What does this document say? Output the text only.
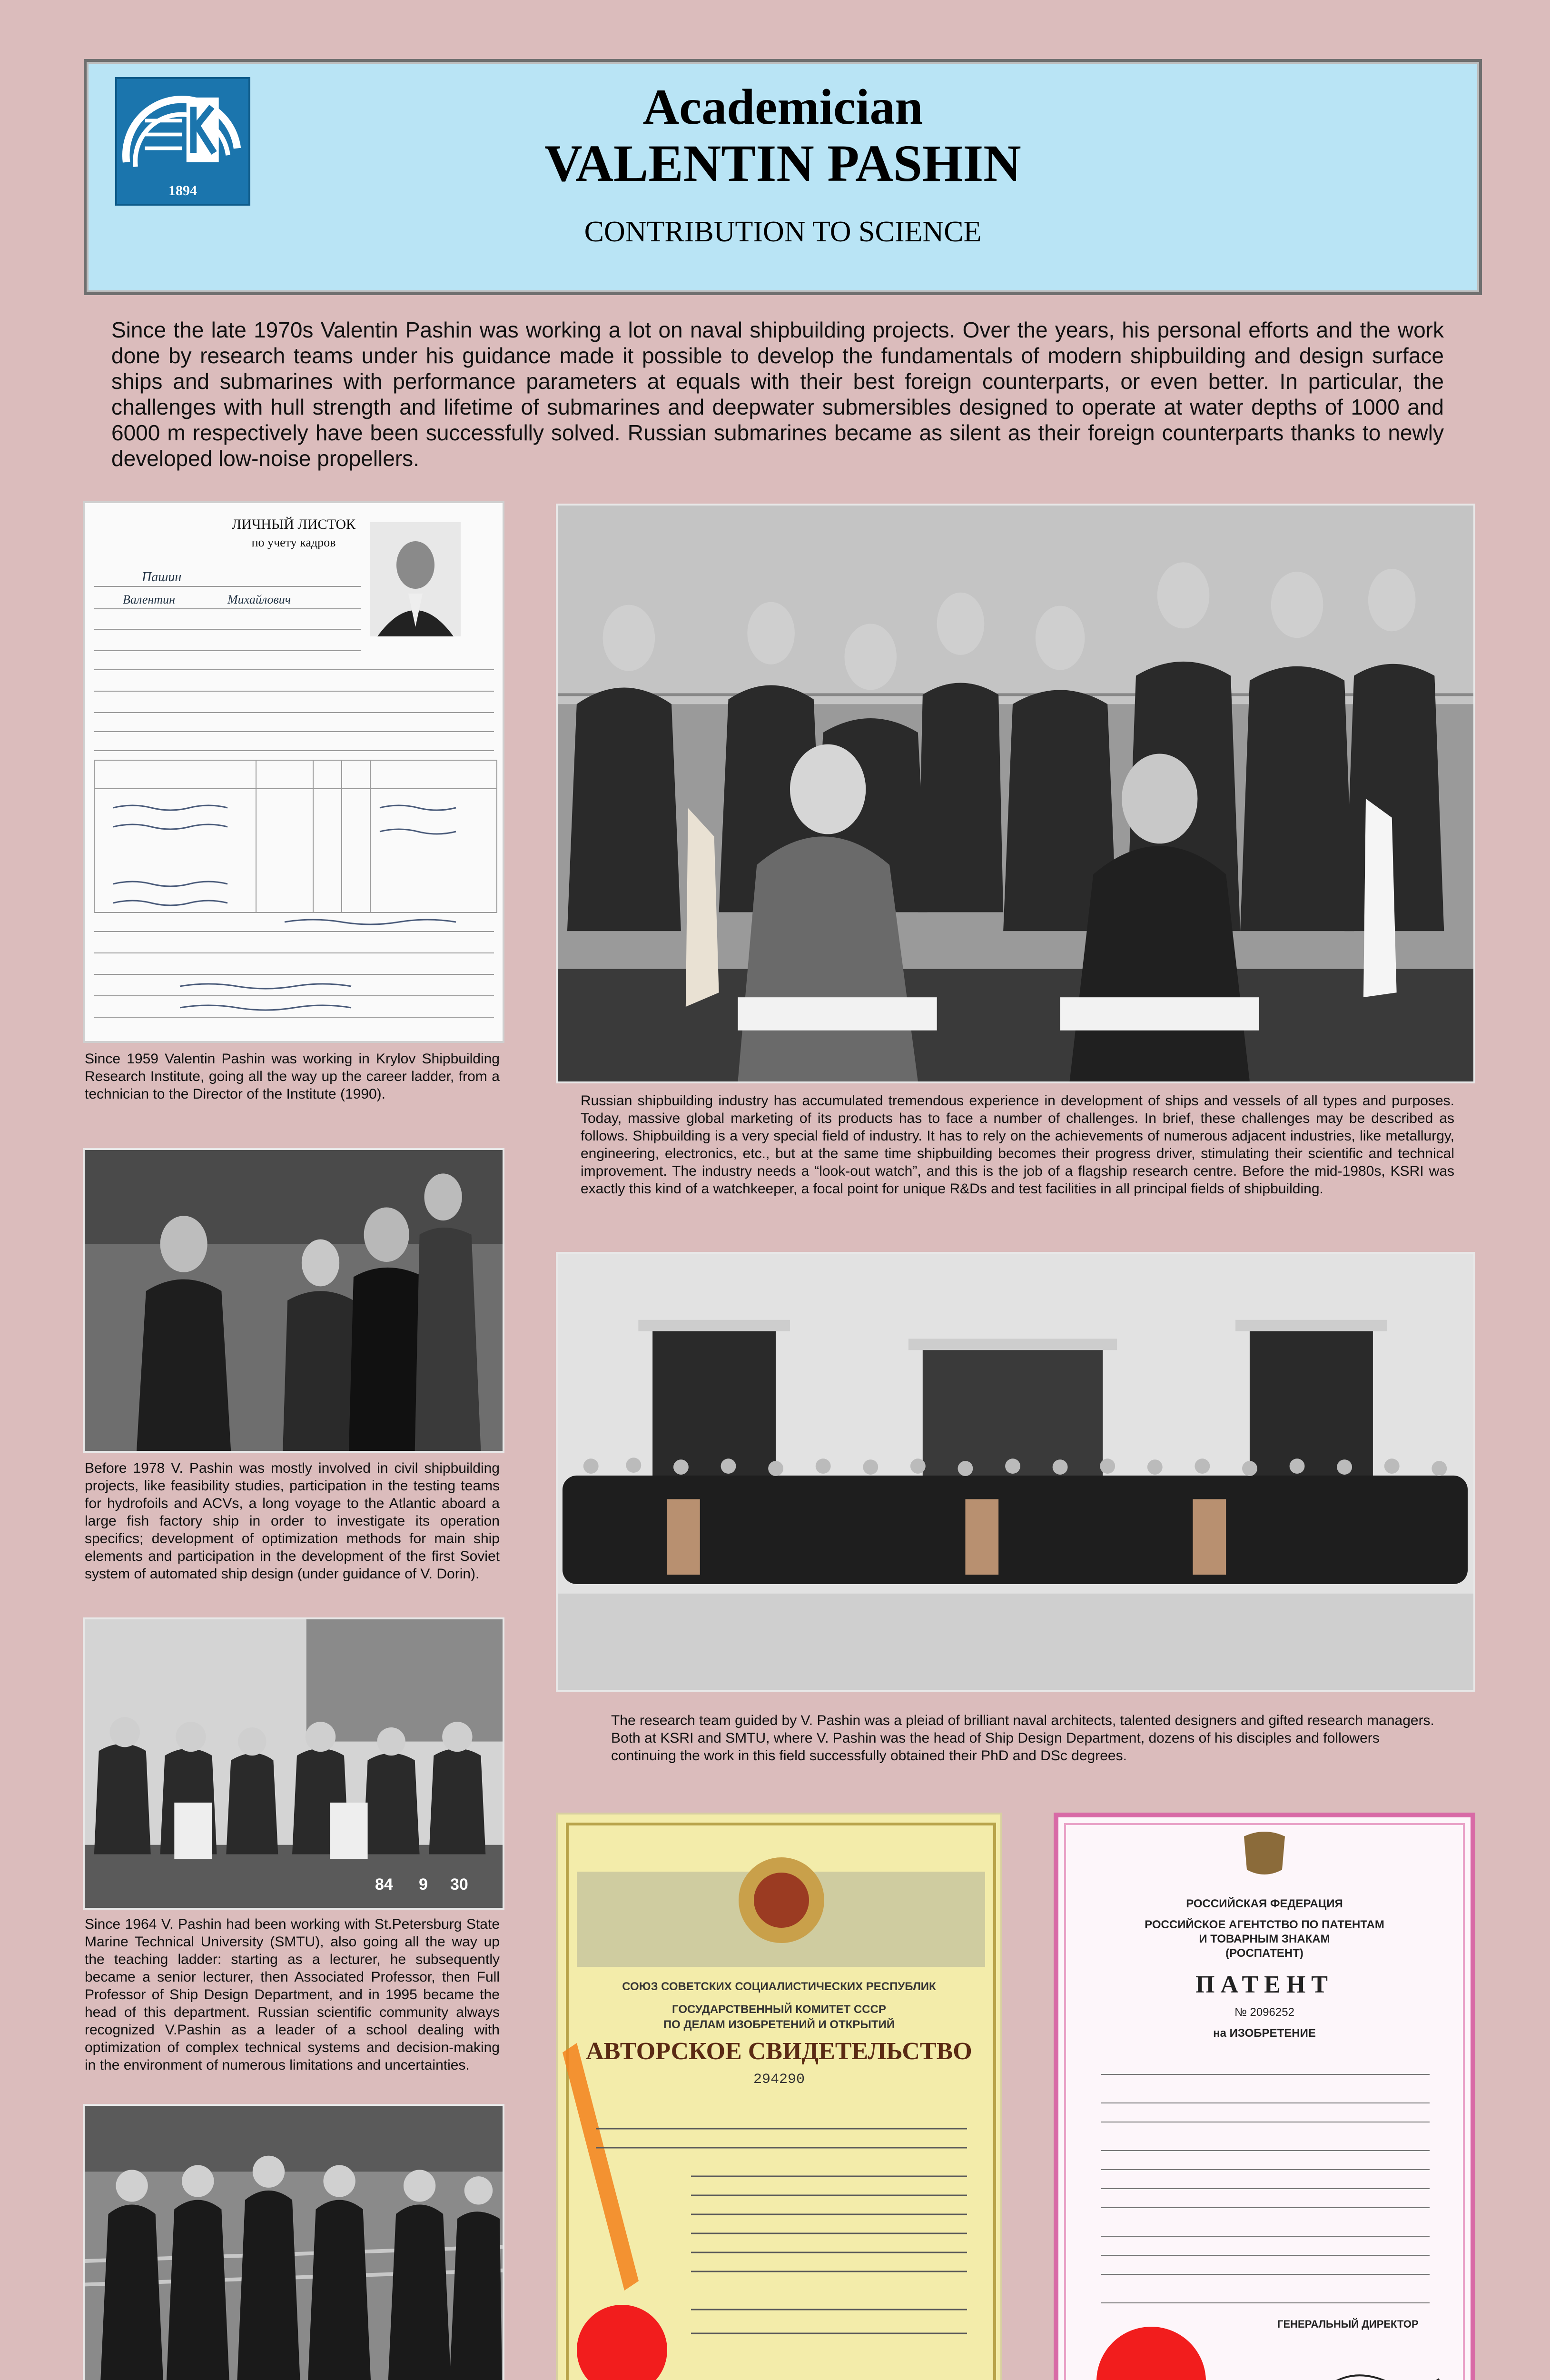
1894
Academician
VALENTIN PASHIN
CONTRIBUTION TO SCIENCE
Since the late 1970s Valentin Pashin was working a lot on naval shipbuilding projects. Over the years, his personal efforts and the work done by research teams under his guidance made it possible to develop the fundamentals of modern shipbuilding and design surface ships and submarines with performance parameters at equals with their best foreign counterparts, or even better. In particular, the challenges with hull strength and lifetime of submarines and deepwater submersibles designed to operate at water depths of 1000 and 6000 m respectively have been successfully solved. Russian submarines became as silent as their foreign counterparts thanks to newly developed low-noise propellers.
ЛИЧНЫЙ ЛИСТОК
по учету кадров
Пашин
Валентин	Михайлович
Since 1959 Valentin Pashin was working in Krylov Shipbuilding Research Institute, going all the way up the career ladder, from a technician to the Director of the Institute (1990).
Before 1978 V. Pashin was mostly involved in civil shipbuilding projects, like feasibility studies, participation in the testing teams for hydrofoils and ACVs, a long voyage to the Atlantic aboard a large fish factory ship in order to investigate its operation specifics; development of optimization methods for main ship elements and participation in the development of the first Soviet system of automated ship design (under guidance of V. Dorin).
84 9 30
Since 1964 V. Pashin had been working with St.Petersburg State Marine Technical University (SMTU), also going all the way up the teaching ladder: starting as a lecturer, he subsequently became a senior lecturer, then Associated Professor, then Full Professor of Ship Design Department, and in 1995 became the head of this department. Russian scientific community always recognized V.Pashin as a leader of a school dealing with optimization of complex technical systems and decision-making in the environment of numerous limitations and uncertainties.
Russian shipbuilding industry has accumulated tremendous experience in development of ships and vessels of all types and purposes. Today, massive global marketing of its products has to face a number of challenges. In brief, these challenges may be described as follows. Shipbuilding is a very special field of industry. It has to rely on the achievements of numerous adjacent industries, like metallurgy, engineering, electronics, etc., but at the same time shipbuilding becomes their progress driver, stimulating their scientific and technical improvement. The industry needs a “look-out watch”, and this is the job of a flagship research centre. Before the mid-1980s, KSRI was exactly this kind of a watchkeeper, a focal point for unique R&Ds and test facilities in all principal fields of shipbuilding.
The research team guided by V. Pashin was a pleiad of brilliant naval architects, talented designers and gifted research managers. Both at KSRI and SMTU, where V. Pashin was the head of Ship Design Department, dozens of his disciples and followers continuing the work in this field successfully obtained their PhD and DSc degrees.
СОЮЗ СОВЕТСКИХ СОЦИАЛИСТИЧЕСКИХ РЕСПУБЛИК
ГОСУДАРСТВЕННЫЙ КОМИТЕТ СССР
ПО ДЕЛАМ ИЗОБРЕТЕНИЙ И ОТКРЫТИЙ
АВТОРСКОЕ СВИДЕТЕЛЬСТВО
294290
РОССИЙСКАЯ ФЕДЕРАЦИЯ
РОССИЙСКОЕ АГЕНТСТВО ПО ПАТЕНТАМ
И ТОВАРНЫМ ЗНАКАМ
(РОСПАТЕНТ)
ПАТЕНТ
№ 2096252
на ИЗОБРЕТЕНИЕ
ГЕНЕРАЛЬНЫЙ ДИРЕКТОР
